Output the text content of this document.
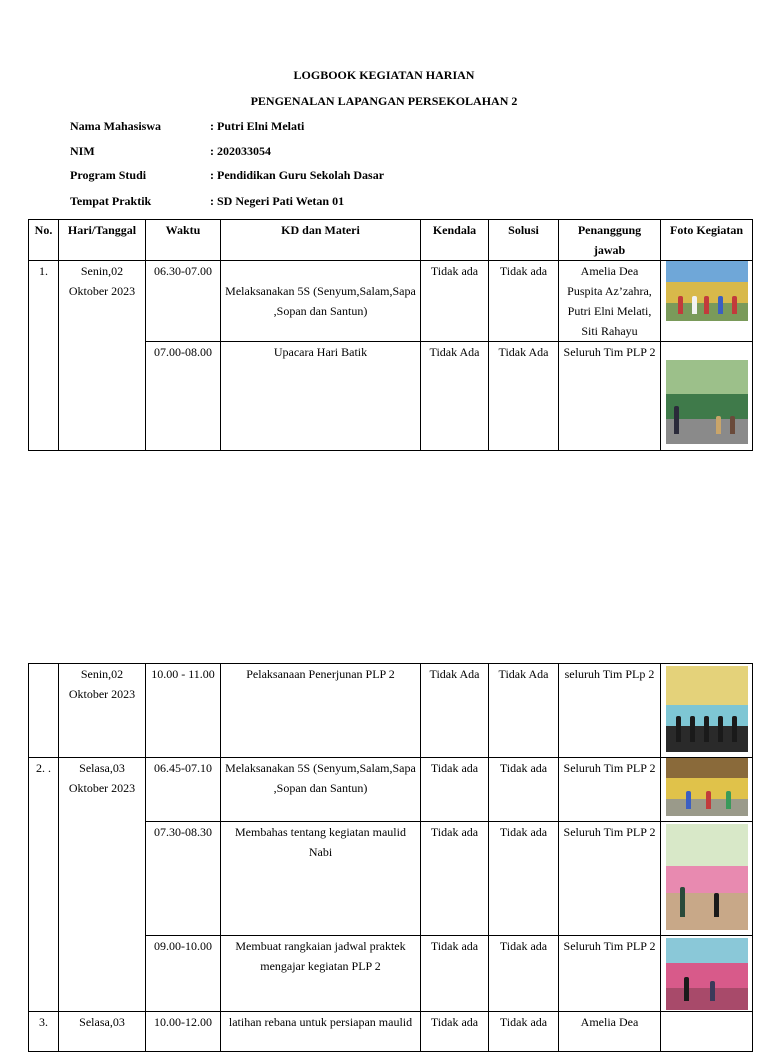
LOGBOOK KEGIATAN HARIAN
PENGENALAN LAPANGAN PERSEKOLAHAN 2
Nama Mahasiswa	: Putri Elni Melati
NIM	: 202033054
Program Studi	: Pendidikan Guru Sekolah Dasar
Tempat Praktik	: SD Negeri Pati Wetan 01
No.	Hari/Tanggal	Waktu	KD dan Materi	Kendala	Solusi	Penanggung jawab	Foto Kegiatan
1.	Senin,02 Oktober 2023	06.30-07.00	Melaksanakan 5S (Senyum,Salam,Sapa ,Sopan dan Santun)	Tidak ada	Tidak ada	Amelia Dea Puspita Az’zahra, Putri Elni Melati, Siti Rahayu	

		07.00-08.00	Upacara Hari Batik	Tidak Ada	Tidak Ada	Seluruh Tim PLP 2	
	Senin,02 Oktober 2023	10.00 - 11.00	Pelaksanaan Penerjunan PLP 2	Tidak Ada	Tidak Ada	seluruh Tim PLp 2	

2. .	Selasa,03 Oktober 2023	06.45-07.10	Melaksanakan 5S (Senyum,Salam,Sapa ,Sopan dan Santun)	Tidak ada	Tidak ada	Seluruh Tim PLP 2	

		07.30-08.30	Membahas tentang kegiatan maulid Nabi	Tidak ada	Tidak ada	Seluruh Tim PLP 2	

		09.00-10.00	Membuat rangkaian jadwal praktek mengajar kegiatan PLP 2	Tidak ada	Tidak ada	Seluruh Tim PLP 2	

3.	Selasa,03	10.00-12.00	latihan rebana untuk persiapan maulid	Tidak ada	Tidak ada	Amelia Dea	
